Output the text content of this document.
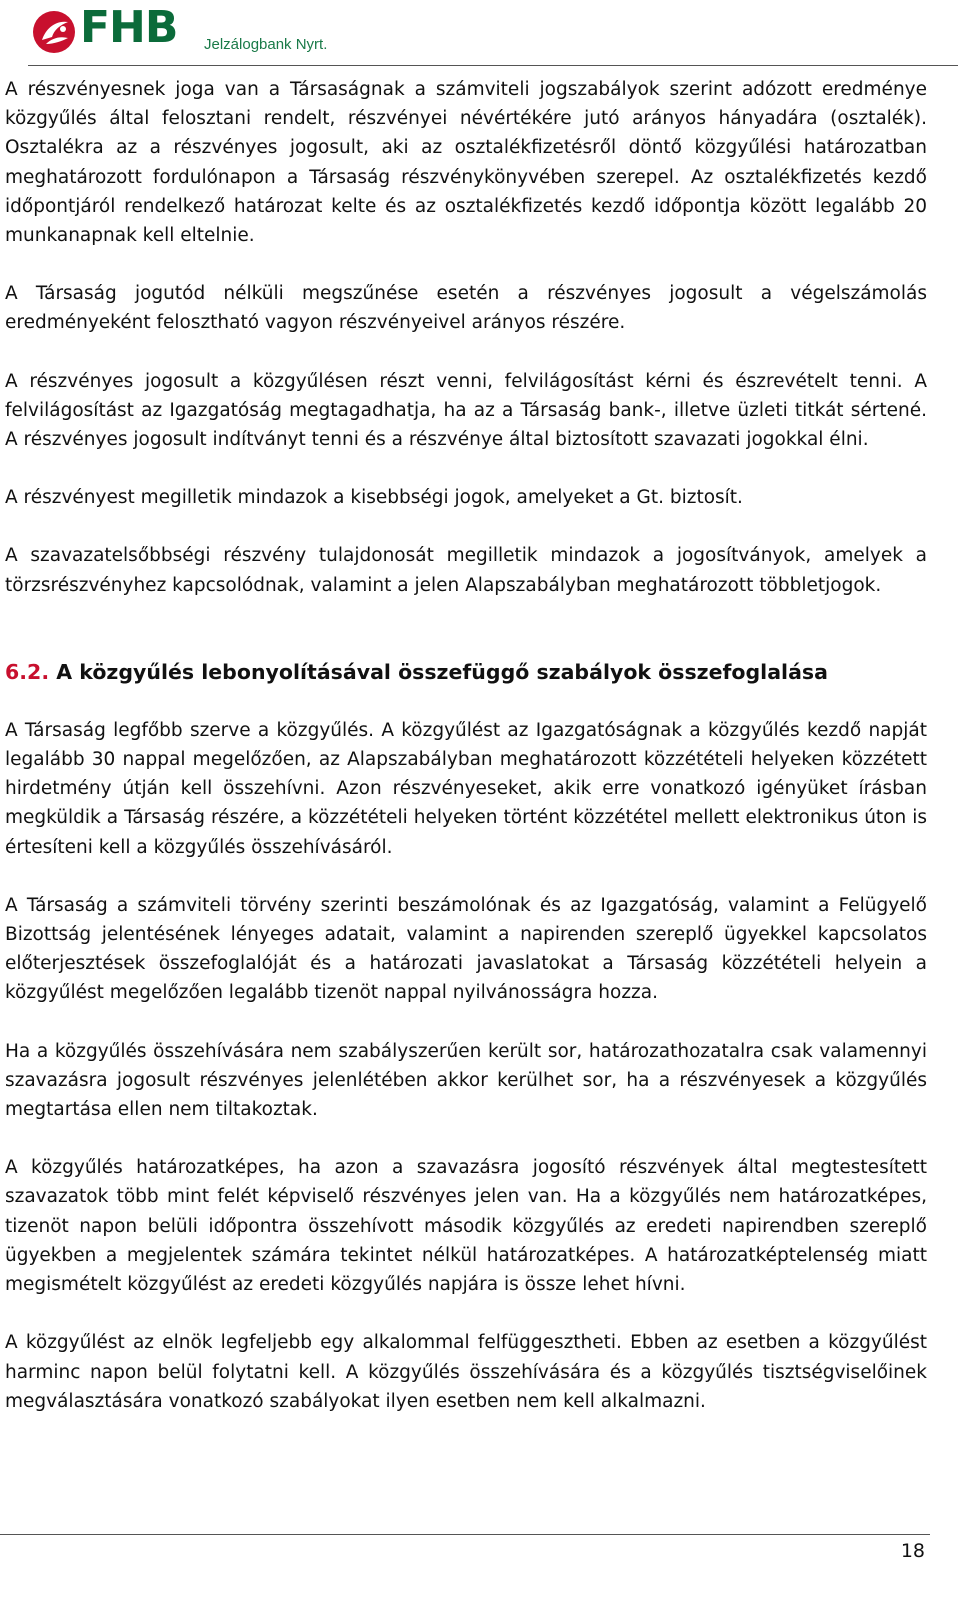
FHB Jelzálogbank Nyrt.

A részvényesnek joga van a Társaságnak a számviteli jogszabályok szerint adózott eredménye közgyűlés által felosztani rendelt, részvényei névértékére jutó arányos hányadára (osztalék). Osztalékra az a részvényes jogosult, aki az osztalékfizetésről döntő közgyűlési határozatban meghatározott fordulónapon a Társaság részvénykönyvében szerepel. Az osztalékfizetés kezdő időpontjáról rendelkező határozat kelte és az osztalékfizetés kezdő időpontja között legalább 20 munkanapnak kell eltelnie.

A Társaság jogutód nélküli megszűnése esetén a részvényes jogosult a végelszámolás eredményeként felosztható vagyon részvényeivel arányos részére.

A részvényes jogosult a közgyűlésen részt venni, felvilágosítást kérni és észrevételt tenni. A felvilágosítást az Igazgatóság megtagadhatja, ha az a Társaság bank-, illetve üzleti titkát sértené. A részvényes jogosult indítványt tenni és a részvénye által biztosított szavazati jogokkal élni.

A részvényest megilletik mindazok a kisebbségi jogok, amelyeket a Gt. biztosít.

A szavazatelsőbbségi részvény tulajdonosát megilletik mindazok a jogosítványok, amelyek a törzsrészvényhez kapcsolódnak, valamint a jelen Alapszabályban meghatározott többletjogok.

6.2. A közgyűlés lebonyolításával összefüggő szabályok összefoglalása

A Társaság legfőbb szerve a közgyűlés. A közgyűlést az Igazgatóságnak a közgyűlés kezdő napját legalább 30 nappal megelőzően, az Alapszabályban meghatározott közzétételi helyeken közzétett hirdetmény útján kell összehívni. Azon részvényeseket, akik erre vonatkozó igényüket írásban megküldik a Társaság részére, a közzétételi helyeken történt közzététel mellett elektronikus úton is értesíteni kell a közgyűlés összehívásáról.

A Társaság a számviteli törvény szerinti beszámolónak és az Igazgatóság, valamint a Felügyelő Bizottság jelentésének lényeges adatait, valamint a napirenden szereplő ügyekkel kapcsolatos előterjesztések összefoglalóját és a határozati javaslatokat a Társaság közzétételi helyein a közgyűlést megelőzően legalább tizenöt nappal nyilvánosságra hozza.

Ha a közgyűlés összehívására nem szabályszerűen került sor, határozathozatalra csak valamennyi szavazásra jogosult részvényes jelenlétében akkor kerülhet sor, ha a részvényesek a közgyűlés megtartása ellen nem tiltakoztak.

A közgyűlés határozatképes, ha azon a szavazásra jogosító részvények által megtestesített szavazatok több mint felét képviselő részvényes jelen van. Ha a közgyűlés nem határozatképes, tizenöt napon belüli időpontra összehívott második közgyűlés az eredeti napirendben szereplő ügyekben a megjelentek számára tekintet nélkül határozatképes. A határozatképtelenség miatt megismételt közgyűlést az eredeti közgyűlés napjára is össze lehet hívni.

A közgyűlést az elnök legfeljebb egy alkalommal felfüggesztheti. Ebben az esetben a közgyűlést harminc napon belül folytatni kell. A közgyűlés összehívására és a közgyűlés tisztségviselőinek megválasztására vonatkozó szabályokat ilyen esetben nem kell alkalmazni.

18
